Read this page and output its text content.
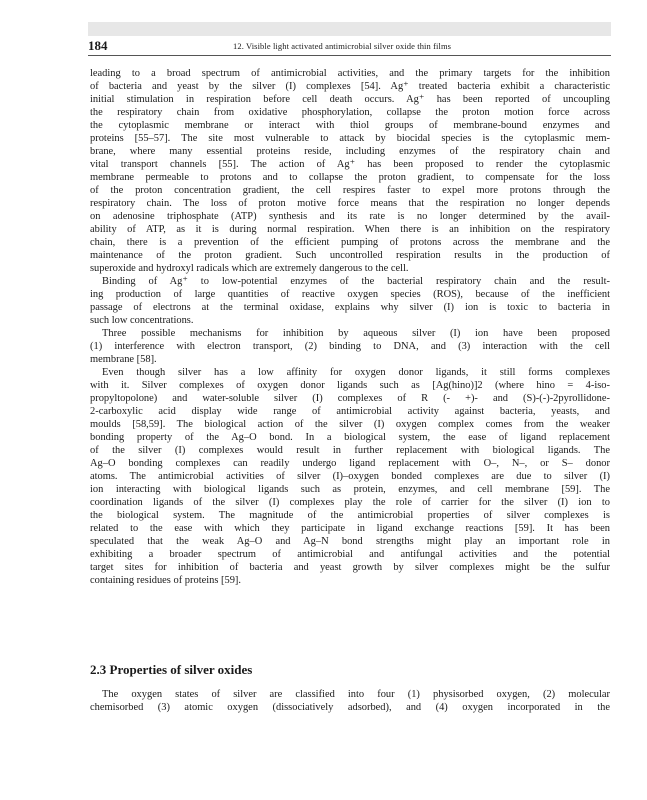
184	12. Visible light activated antimicrobial silver oxide thin films
leading to a broad spectrum of antimicrobial activities, and the primary targets for the inhibition
of bacteria and yeast by the silver (I) complexes [54]. Ag⁺ treated bacteria exhibit a characteristic
initial stimulation in respiration before cell death occurs. Ag⁺ has been reported of uncoupling
the respiratory chain from oxidative phosphorylation, collapse the proton motion force across
the cytoplasmic membrane or interact with thiol groups of membrane-bound enzymes and
proteins [55–57]. The site most vulnerable to attack by biocidal species is the cytoplasmic mem-
brane, where many essential proteins reside, including enzymes of the respiratory chain and
vital transport channels [55]. The action of Ag⁺ has been proposed to render the cytoplasmic
membrane permeable to protons and to collapse the proton gradient, to compensate for the loss
of the proton concentration gradient, the cell respires faster to expel more protons through the
respiratory chain. The loss of proton motive force means that the respiration no longer depends
on adenosine triphosphate (ATP) synthesis and its rate is no longer determined by the avail-
ability of ATP, as it is during normal respiration. When there is an inhibition on the respiratory
chain, there is a prevention of the efficient pumping of protons across the membrane and the
maintenance of the proton gradient. Such uncontrolled respiration results in the production of
superoxide and hydroxyl radicals which are extremely dangerous to the cell.
Binding of Ag⁺ to low-potential enzymes of the bacterial respiratory chain and the result-
ing production of large quantities of reactive oxygen species (ROS), because of the inefficient
passage of electrons at the terminal oxidase, explains why silver (I) ion is toxic to bacteria in
such low concentrations.
Three possible mechanisms for inhibition by aqueous silver (I) ion have been proposed
(1) interference with electron transport, (2) binding to DNA, and (3) interaction with the cell
membrane [58].
Even though silver has a low affinity for oxygen donor ligands, it still forms complexes
with it. Silver complexes of oxygen donor ligands such as [Ag(hino)]2 (where hino = 4-iso-
propyltopolone) and water-soluble silver (I) complexes of R (- +)- and (S)-(-)-2pyrollidone-
2-carboxylic acid display wide range of antimicrobial activity against bacteria, yeasts, and
moulds [58,59]. The biological action of the silver (I) oxygen complex comes from the weaker
bonding property of the Ag–O bond. In a biological system, the ease of ligand replacement
of the silver (I) complexes would result in further replacement with biological ligands. The
Ag–O bonding complexes can readily undergo ligand replacement with O–, N–, or S– donor
atoms. The antimicrobial activities of silver (I)–oxygen bonded complexes are due to silver (I)
ion interacting with biological ligands such as protein, enzymes, and cell membrane [59]. The
coordination ligands of the silver (I) complexes play the role of carrier for the silver (I) ion to
the biological system. The magnitude of the antimicrobial properties of silver complexes is
related to the ease with which they participate in ligand exchange reactions [59]. It has been
speculated that the weak Ag–O and Ag–N bond strengths might play an important role in
exhibiting a broader spectrum of antimicrobial and antifungal activities and the potential
target sites for inhibition of bacteria and yeast growth by silver complexes might be the sulfur
containing residues of proteins [59].
2.3 Properties of silver oxides
The oxygen states of silver are classified into four (1) physisorbed oxygen, (2) molecular
chemisorbed (3) atomic oxygen (dissociatively adsorbed), and (4) oxygen incorporated in the
